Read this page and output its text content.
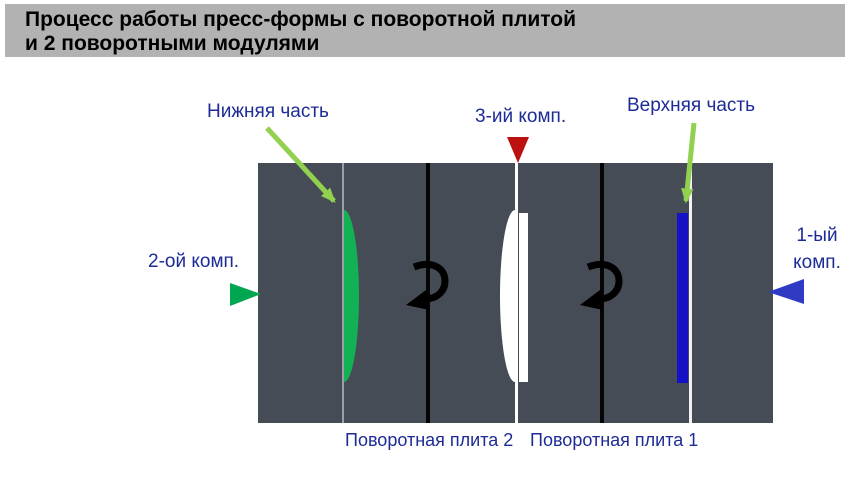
Процесс работы пресс-формы с поворотной плитой
и 2 поворотными модулями
Нижняя часть	3-ий комп.
Верхняя часть
2-ой комп.
1-ый
комп.
Поворотная плита 2 Поворотная плита 1
